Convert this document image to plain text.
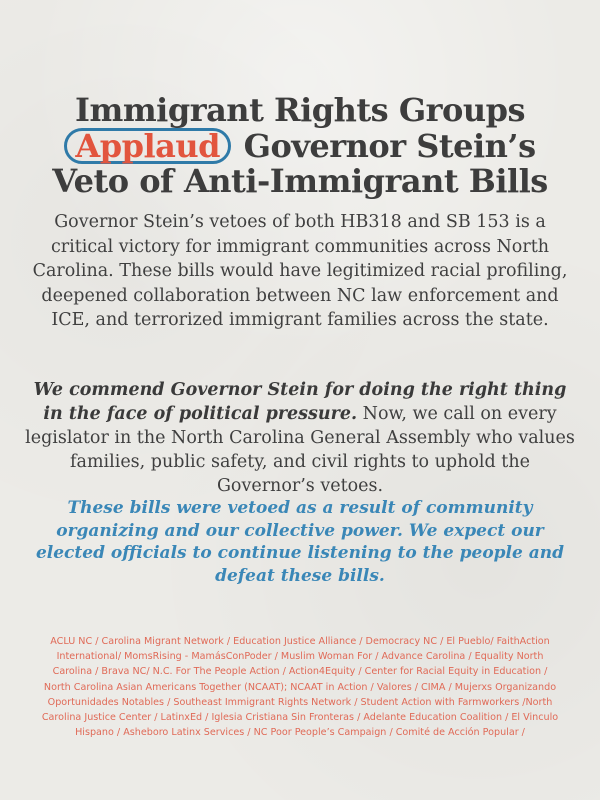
Immigrant Rights Groups
Applaud Governor Stein’s
Veto of Anti-Immigrant Bills

Governor Stein’s vetoes of both HB318 and SB 153 is a critical victory for immigrant communities across North Carolina. These bills would have legitimized racial profiling, deepened collaboration between NC law enforcement and ICE, and terrorized immigrant families across the state.

We commend Governor Stein for doing the right thing in the face of political pressure. Now, we call on every legislator in the North Carolina General Assembly who values families, public safety, and civil rights to uphold the Governor’s vetoes.

These bills were vetoed as a result of community organizing and our collective power. We expect our elected officials to continue listening to the people and defeat these bills.

ACLU NC / Carolina Migrant Network / Education Justice Alliance / Democracy NC / El Pueblo/ FaithAction International/ MomsRising - MamásConPoder / Muslim Woman For / Advance Carolina / Equality North Carolina / Brava NC/ N.C. For The People Action / Action4Equity / Center for Racial Equity in Education / North Carolina Asian Americans Together (NCAAT); NCAAT in Action / Valores / CIMA / Mujerxs Organizando Oportunidades Notables / Southeast Immigrant Rights Network / Student Action with Farmworkers /North Carolina Justice Center / LatinxEd / Iglesia Cristiana Sin Fronteras / Adelante Education Coalition / El Vinculo Hispano / Asheboro Latinx Services / NC Poor People’s Campaign / Comité de Acción Popular /
